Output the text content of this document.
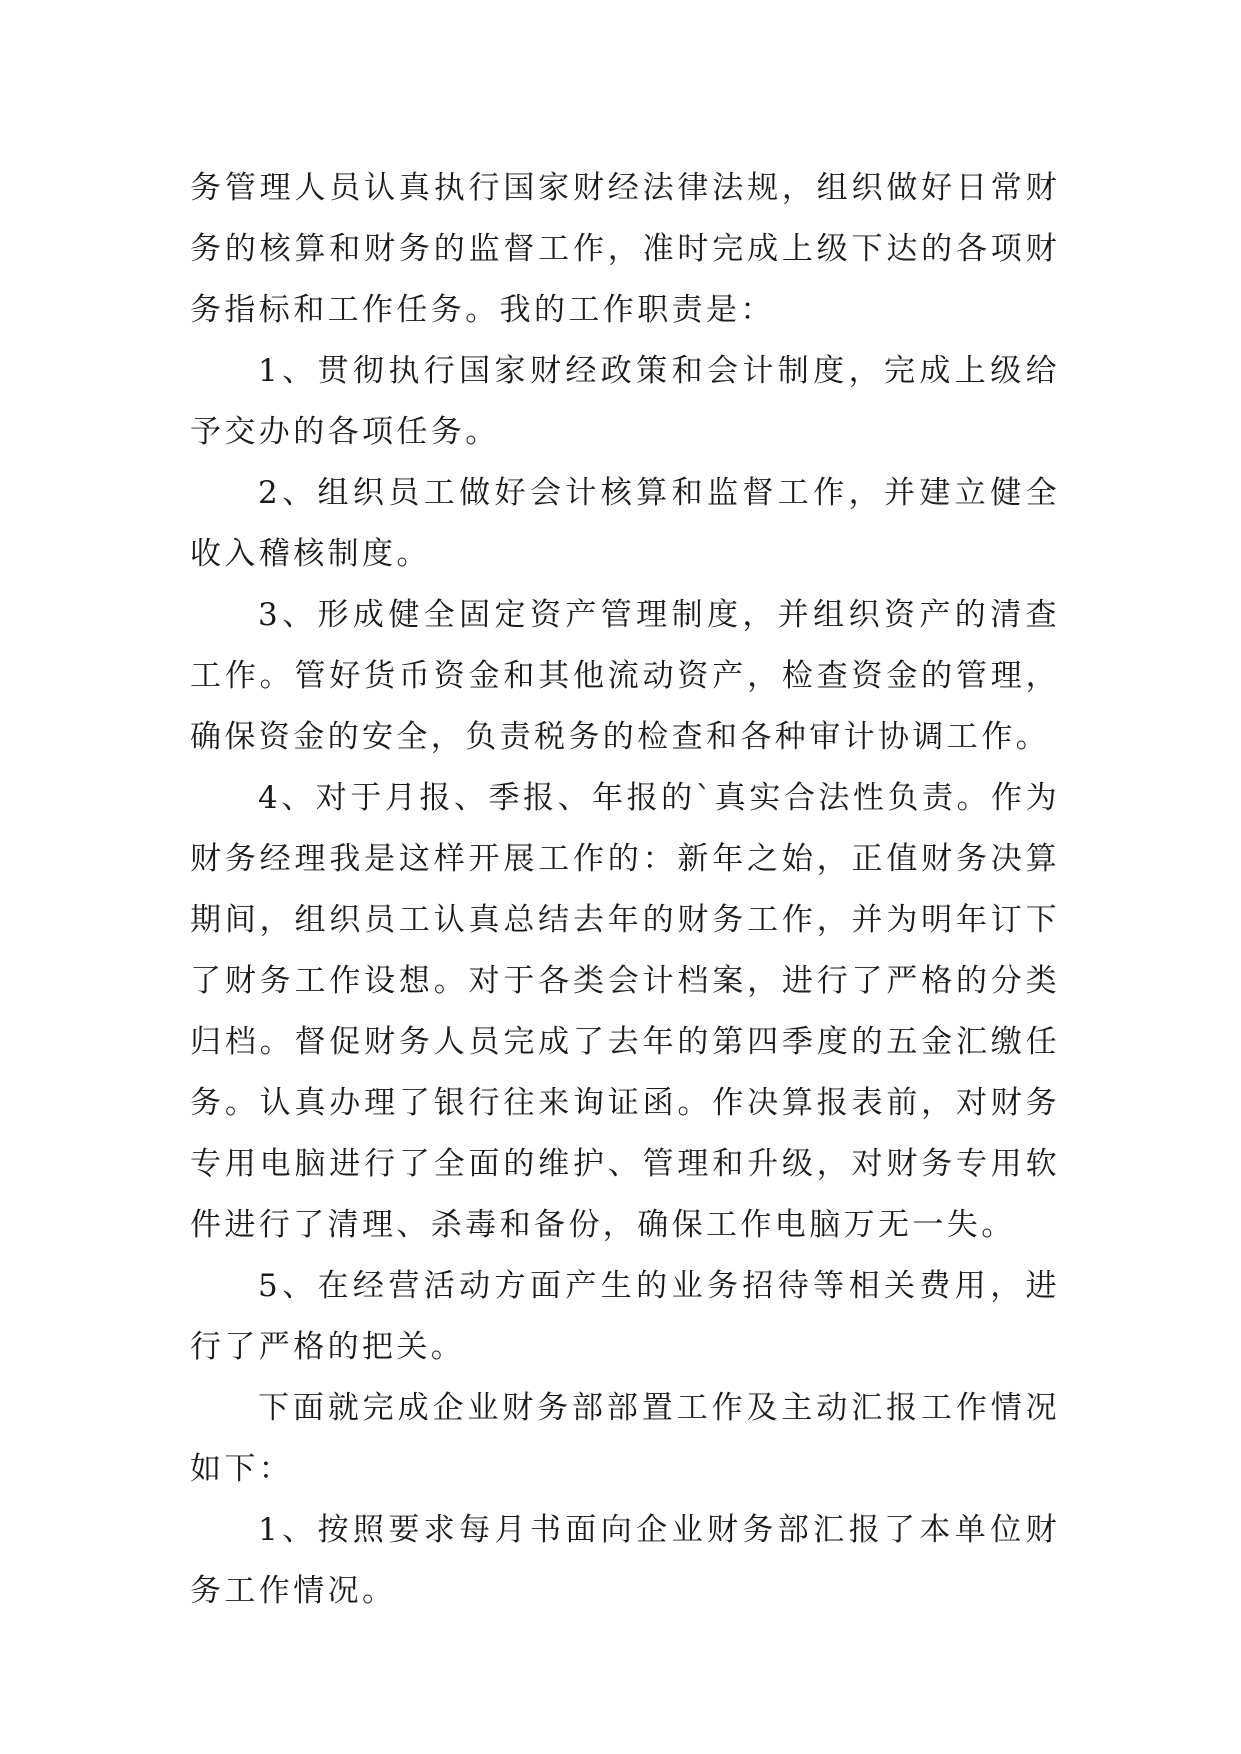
务管理人员认真执行国家财经法律法规，组织做好日常财务的核算和财务的监督工作，准时完成上级下达的各项财务指标和工作任务。我的工作职责是：

1、贯彻执行国家财经政策和会计制度，完成上级给予交办的各项任务。

2、组织员工做好会计核算和监督工作，并建立健全收入稽核制度。

3、形成健全固定资产管理制度，并组织资产的清查工作。管好货币资金和其他流动资产，检查资金的管理，确保资金的安全，负责税务的检查和各种审计协调工作。

4、对于月报、季报、年报的`真实合法性负责。作为财务经理我是这样开展工作的：新年之始，正值财务决算期间，组织员工认真总结去年的财务工作，并为明年订下了财务工作设想。对于各类会计档案，进行了严格的分类归档。督促财务人员完成了去年的第四季度的五金汇缴任务。认真办理了银行往来询证函。作决算报表前，对财务专用电脑进行了全面的维护、管理和升级，对财务专用软件进行了清理、杀毒和备份，确保工作电脑万无一失。

5、在经营活动方面产生的业务招待等相关费用，进行了严格的把关。

下面就完成企业财务部部置工作及主动汇报工作情况如下：

1、按照要求每月书面向企业财务部汇报了本单位财务工作情况。
